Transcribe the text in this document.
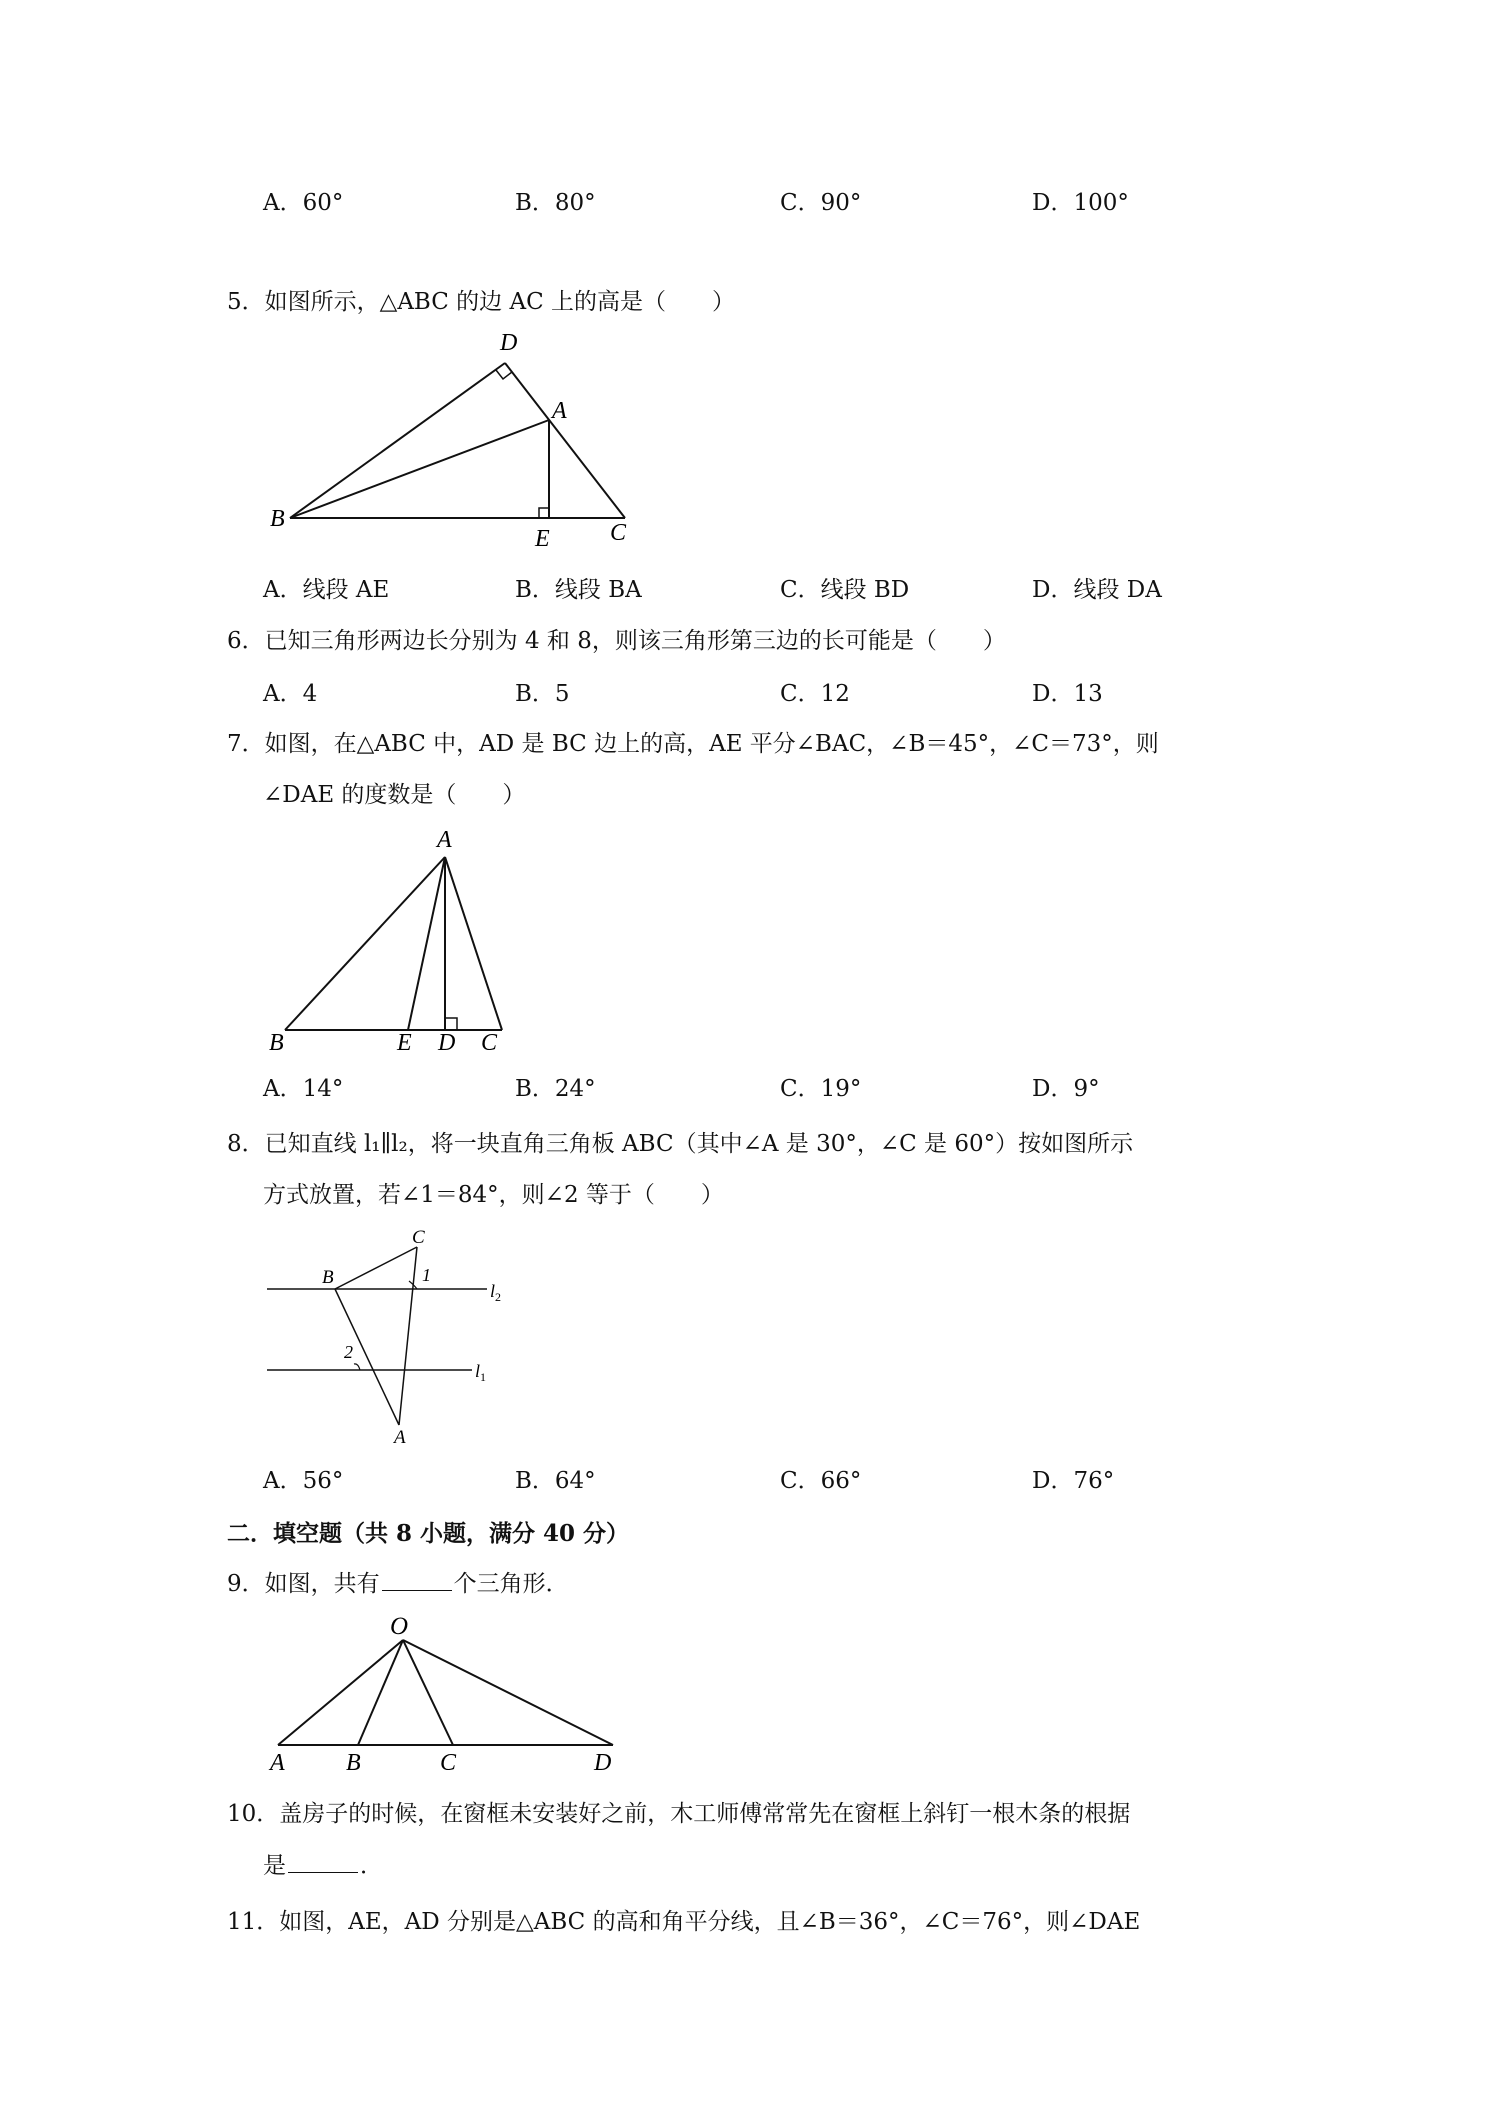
A．60°	B．80°	C．90°	D．100°
5．如图所示，△ABC 的边 AC 上的高是（　　）
D
A
B
E	C
A．线段 AE	B．线段 BA	C．线段 BD	D．线段 DA
6．已知三角形两边长分别为 4 和 8，则该三角形第三边的长可能是（　　）
A．4	B．5	C．12	D．13
7．如图，在△ABC 中，AD 是 BC 边上的高，AE 平分∠BAC，∠B＝45°，∠C＝73°，则
∠DAE 的度数是（　　）
A
B	E D C
A．14°	B．24°	C．19°	D．9°
8．已知直线 l₁∥l₂，将一块直角三角板 ABC（其中∠A 是 30°，∠C 是 60°）按如图所示
方式放置，若∠1＝84°，则∠2 等于（　　）
C
B	1
$l_2$
2
$l_1$
A
A．56°	B．64°	C．66°	D．76°
二．填空题（共 8 小题，满分 40 分）
9．如图，共有	个三角形．
O
A	B	C	D
10．盖房子的时候，在窗框未安装好之前，木工师傅常常先在窗框上斜钉一根木条的根据
是	．
11．如图，AE，AD 分别是△ABC 的高和角平分线，且∠B＝36°，∠C＝76°，则∠DAE
